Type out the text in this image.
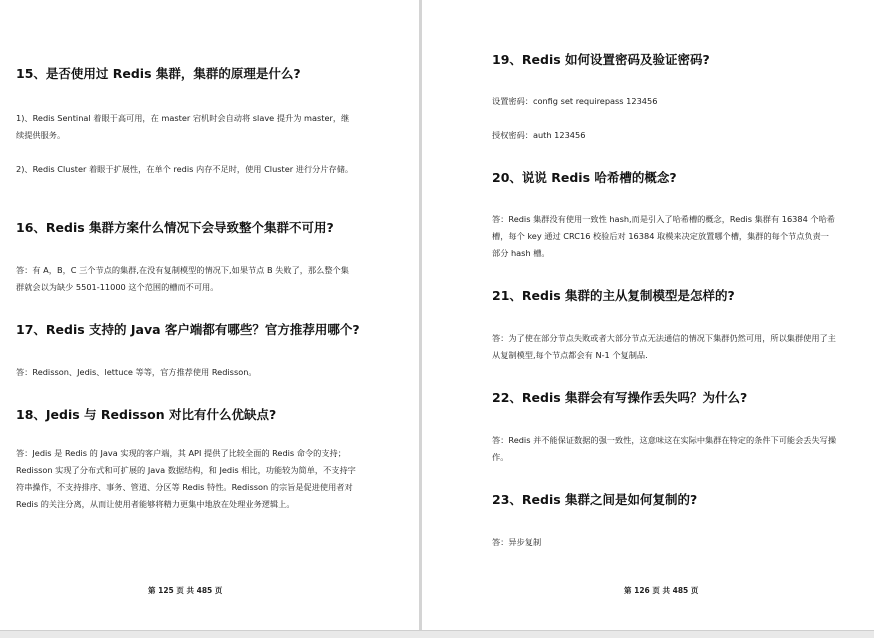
15、是否使用过 Redis 集群，集群的原理是什么?

1)、Redis Sentinal 着眼于高可用，在 master 宕机时会自动将 slave 提升为 master，继续提供服务。

2)、Redis Cluster 着眼于扩展性，在单个 redis 内存不足时，使用 Cluster 进行分片存储。

16、Redis 集群方案什么情况下会导致整个集群不可用?

答：有 A，B，C 三个节点的集群,在没有复制模型的情况下,如果节点 B 失败了，那么整个集群就会以为缺少 5501-11000 这个范围的槽而不可用。

17、Redis 支持的 Java 客户端都有哪些？官方推荐用哪个?

答：Redisson、Jedis、lettuce 等等，官方推荐使用 Redisson。

18、Jedis 与 Redisson 对比有什么优缺点?

答：Jedis 是 Redis 的 Java 实现的客户端，其 API 提供了比较全面的 Redis 命令的支持；Redisson 实现了分布式和可扩展的 Java 数据结构，和 Jedis 相比，功能较为简单，不支持字符串操作，不支持排序、事务、管道、分区等 Redis 特性。Redisson 的宗旨是促进使用者对 Redis 的关注分离，从而让使用者能够将精力更集中地放在处理业务逻辑上。

第 125 页 共 485 页

19、Redis 如何设置密码及验证密码?

设置密码：config set requirepass 123456

授权密码：auth 123456

20、说说 Redis 哈希槽的概念?

答：Redis 集群没有使用一致性 hash,而是引入了哈希槽的概念，Redis 集群有 16384 个哈希槽，每个 key 通过 CRC16 校验后对 16384 取模来决定放置哪个槽，集群的每个节点负责一部分 hash 槽。

21、Redis 集群的主从复制模型是怎样的?

答：为了使在部分节点失败或者大部分节点无法通信的情况下集群仍然可用，所以集群使用了主从复制模型,每个节点都会有 N-1 个复制品.

22、Redis 集群会有写操作丢失吗？为什么?

答：Redis 并不能保证数据的强一致性，这意味这在实际中集群在特定的条件下可能会丢失写操作。

23、Redis 集群之间是如何复制的?

答：异步复制

第 126 页 共 485 页
